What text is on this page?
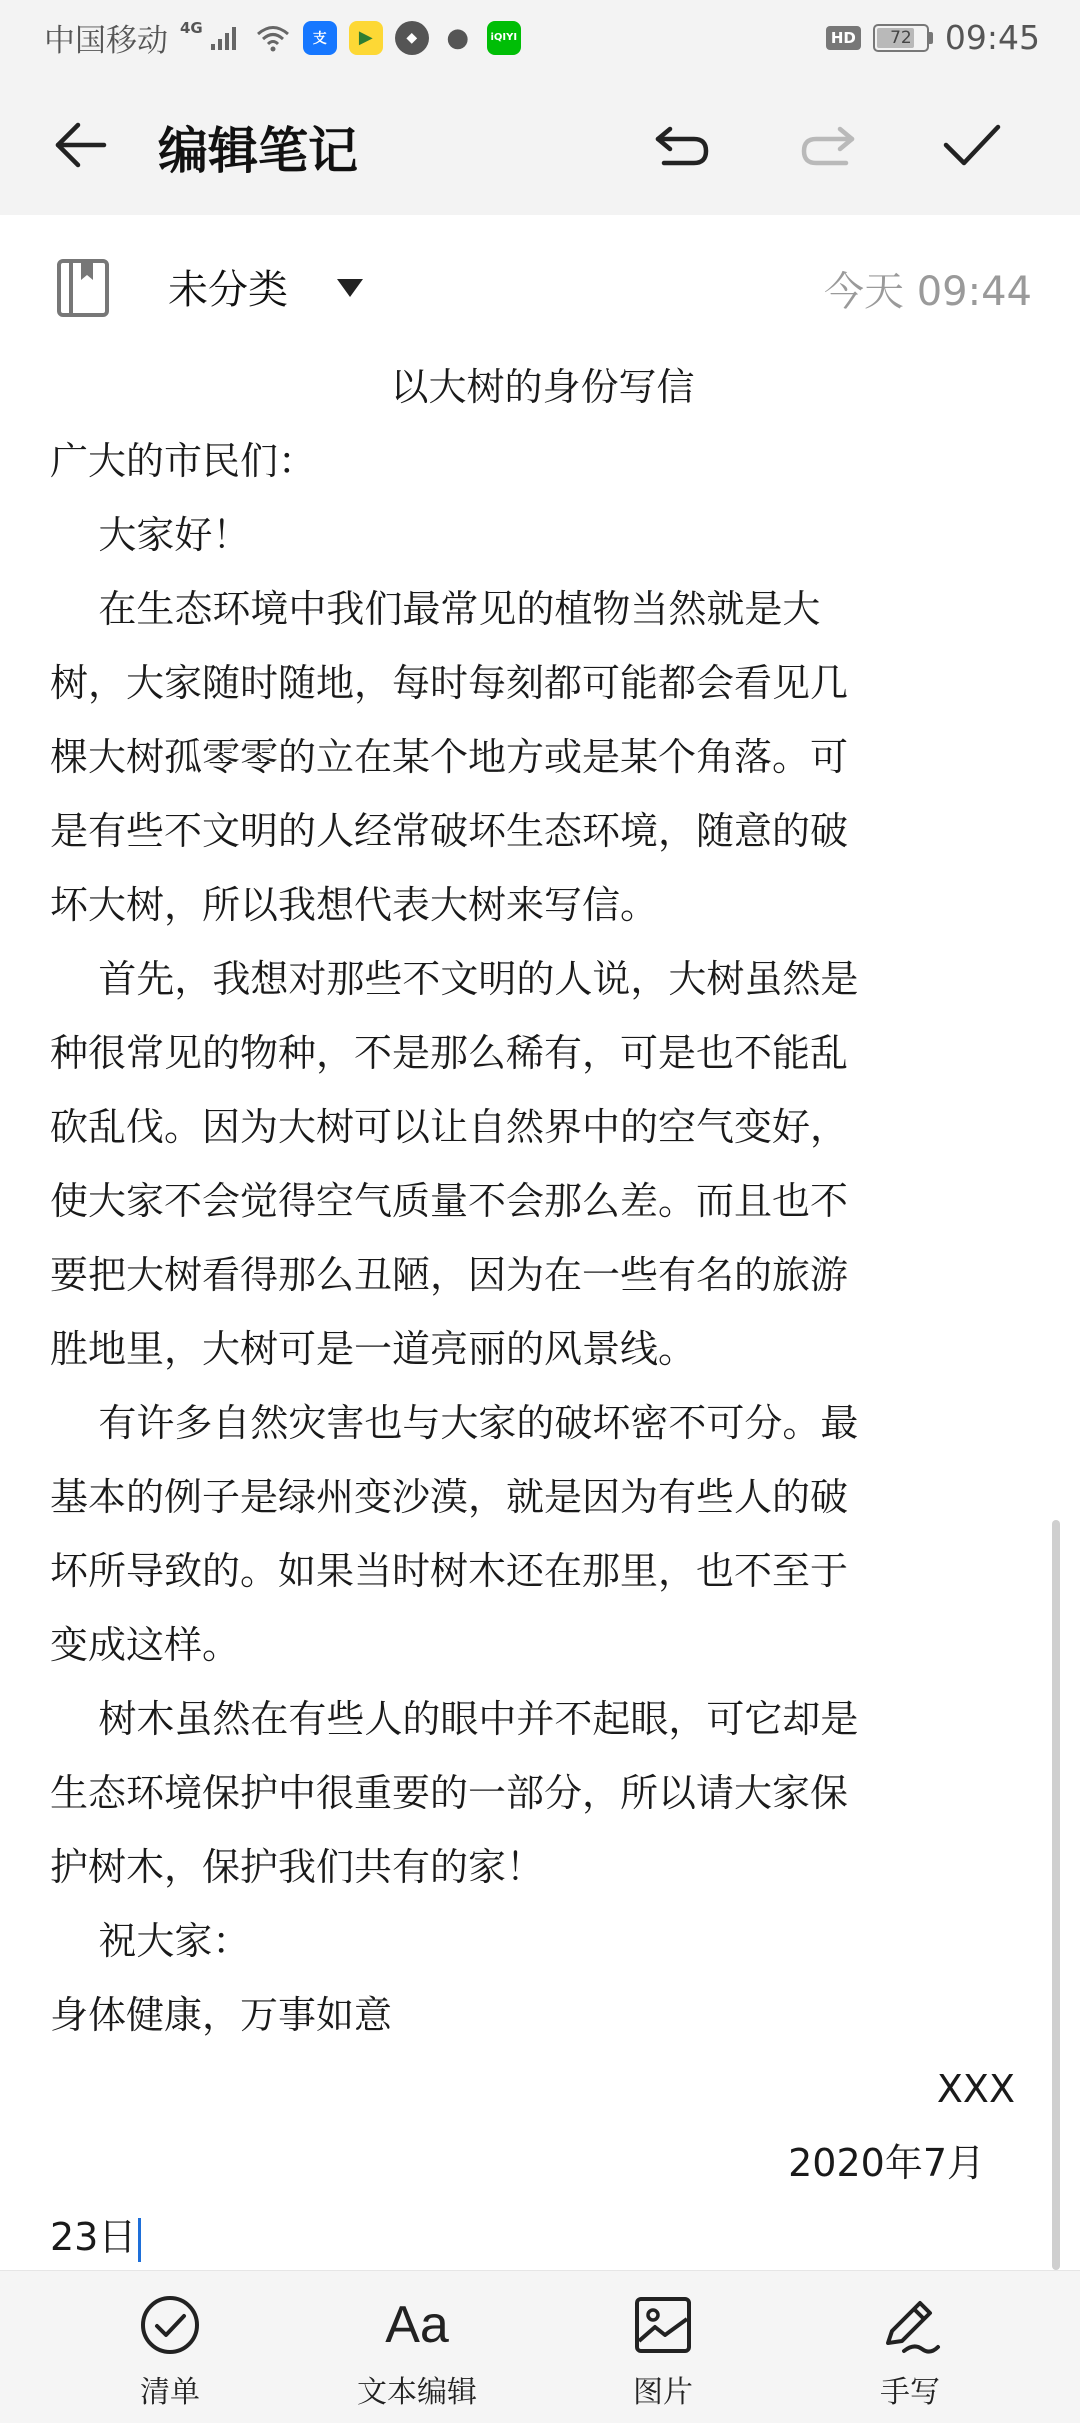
中国移动 4G
支	▶	◆	●	iQIYI	HD	72	09:45
编辑笔记
未分类	今天 09:44
以大树的身份写信
广大的市民们：
大家好！
在生态环境中我们最常见的植物当然就是大
树，大家随时随地，每时每刻都可能都会看见几
棵大树孤零零的立在某个地方或是某个角落。可
是有些不文明的人经常破坏生态环境，随意的破
坏大树，所以我想代表大树来写信。
首先，我想对那些不文明的人说，大树虽然是
种很常见的物种，不是那么稀有，可是也不能乱
砍乱伐。因为大树可以让自然界中的空气变好，
使大家不会觉得空气质量不会那么差。而且也不
要把大树看得那么丑陋，因为在一些有名的旅游
胜地里，大树可是一道亮丽的风景线。
有许多自然灾害也与大家的破坏密不可分。最
基本的例子是绿州变沙漠，就是因为有些人的破
坏所导致的。如果当时树木还在那里，也不至于
变成这样。
树木虽然在有些人的眼中并不起眼，可它却是
生态环境保护中很重要的一部分，所以请大家保
护树木，保护我们共有的家！
祝大家：
身体健康，万事如意
XXX
2020年7月
23日
清单
Aa
文本编辑	图片	手写
